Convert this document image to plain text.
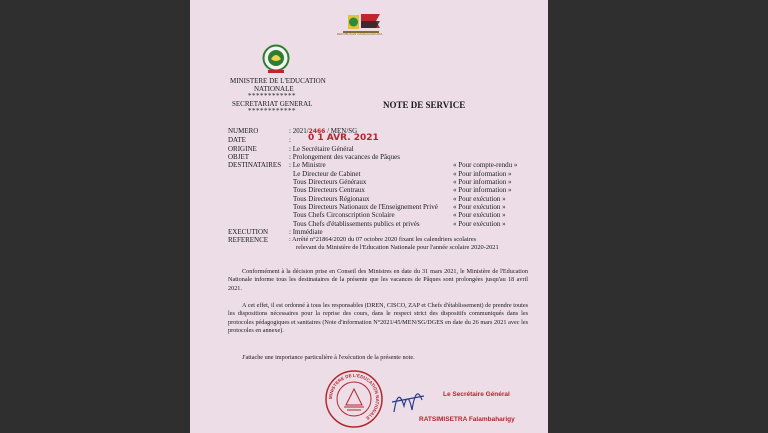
REPOBLIKAN'I MADAGASIKARA
MINISTERE DE L'EDUCATION
NATIONALE
************
SECRETARIAT GENERAL
************
NOTE DE SERVICE
NUMERO	: 2021/2466 / MEN/SG
DATE	: 0 1 AVR. 2021
ORIGINE	: Le Secrétaire Général
OBJET	: Prolongement des vacances de Pâques
DESTINATAIRES : Le Ministre	« Pour compte-rendu »
Le Directeur de Cabinet	« Pour information »
Tous Directeurs Généraux	« Pour information »
Tous Directeurs Centraux	« Pour information »
Tous Directeurs Régionaux	« Pour exécution »
Tous Directeurs Nationaux de l'Enseignement Privé « Pour exécution »
Tous Chefs Circonscription Scolaire	« Pour exécution »
Tous Chefs d'établissements publics et privés	« Pour exécution »
EXECUTION	: Immédiate
REFERENCE	: Arrêté n°21864/2020 du 07 octobre 2020 fixant les calendriers scolaires
relevant du Ministère de l'Education Nationale pour l'année scolaire 2020-2021
Conformément à la décision prise en Conseil des Ministres en date du 31 mars 2021, le Ministère de l'Education Nationale informe tous les destinataires de la présente que les vacances de Pâques sont prolongées jusqu'au 18 avril 2021.
A cet effet, il est ordonné à tous les responsables (DREN, CISCO, ZAP et Chefs d'établissement) de prendre toutes les dispositions nécessaires pour la reprise des cours, dans le respect strict des dispositifs communiqués dans les protocoles pédagogiques et sanitaires (Note d'information N°2021/45/MEN/SG/DGES en date du 26 mars 2021 avec les protocoles en annexe).
J'attache une importance particulière à l'exécution de la présente note.
MINISTERE DE L'EDUCATION NATIONALE
Le Secrétaire Général
RATSIMISETRA Falambaharigy
